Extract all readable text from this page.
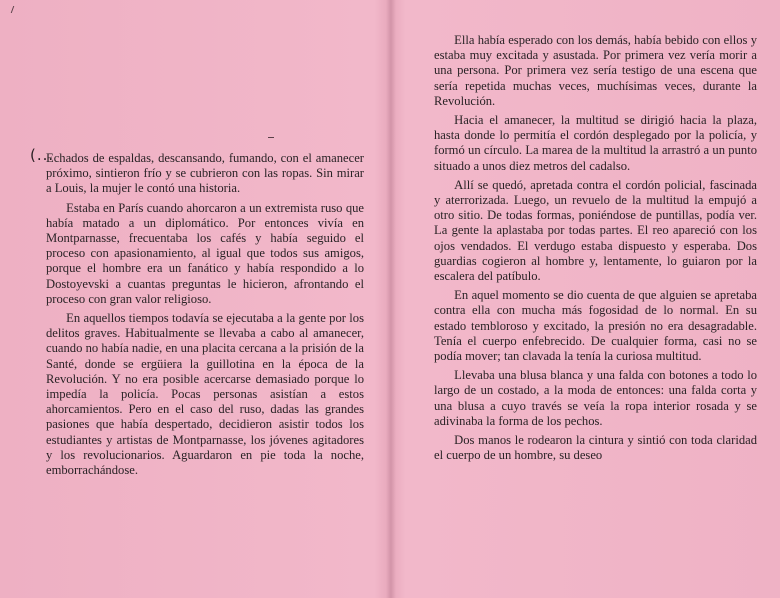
(...

Echados de espaldas, descansando, fumando, con el amanecer próximo, sintieron frío y se cubrieron con las ropas. Sin mirar a Louis, la mujer le contó una historia.

Estaba en París cuando ahorcaron a un extremista ruso que había matado a un diplomático. Por entonces vivía en Montparnasse, frecuentaba los cafés y había seguido el proceso con apasionamiento, al igual que todos sus amigos, porque el hombre era un fanático y había respondido a lo Dostoyevski a cuantas preguntas le hicieron, afrontando el proceso con gran valor religioso.

En aquellos tiempos todavía se ejecutaba a la gente por los delitos graves. Habitualmente se llevaba a cabo al amanecer, cuando no había nadie, en una placita cercana a la prisión de la Santé, donde se ergüiera la guillotina en la época de la Revolución. Y no era posible acercarse demasiado porque lo impedía la policía. Pocas personas asistían a estos ahorcamientos. Pero en el caso del ruso, dadas las grandes pasiones que había despertado, decidieron asistir todos los estudiantes y artistas de Montparnasse, los jóvenes agitadores y los revolucionarios. Aguardaron en pie toda la noche, emborrachándose.

Ella había esperado con los demás, había bebido con ellos y estaba muy excitada y asustada. Por primera vez vería morir a una persona. Por primera vez sería testigo de una escena que sería repetida muchas veces, muchísimas veces, durante la Revolución.

Hacia el amanecer, la multitud se dirigió hacia la plaza, hasta donde lo permitía el cordón desplegado por la policía, y formó un círculo. La marea de la multitud la arrastró a un punto situado a unos diez metros del cadalso.

Allí se quedó, apretada contra el cordón policial, fascinada y aterrorizada. Luego, un revuelo de la multitud la empujó a otro sitio. De todas formas, poniéndose de puntillas, podía ver. La gente la aplastaba por todas partes. El reo apareció con los ojos vendados. El verdugo estaba dispuesto y esperaba. Dos guardias cogieron al hombre y, lentamente, lo guiaron por la escalera del patíbulo.

En aquel momento se dio cuenta de que alguien se apretaba contra ella con mucha más fogosidad de lo normal. En su estado tembloroso y excitado, la presión no era desagradable. Tenía el cuerpo enfebrecido. De cualquier forma, casi no se podía mover; tan clavada la tenía la curiosa multitud.

Llevaba una blusa blanca y una falda con botones a todo lo largo de un costado, a la moda de entonces: una falda corta y una blusa a cuyo través se veía la ropa interior rosada y se adivinaba la forma de los pechos.

Dos manos le rodearon la cintura y sintió con toda claridad el cuerpo de un hombre, su deseo
